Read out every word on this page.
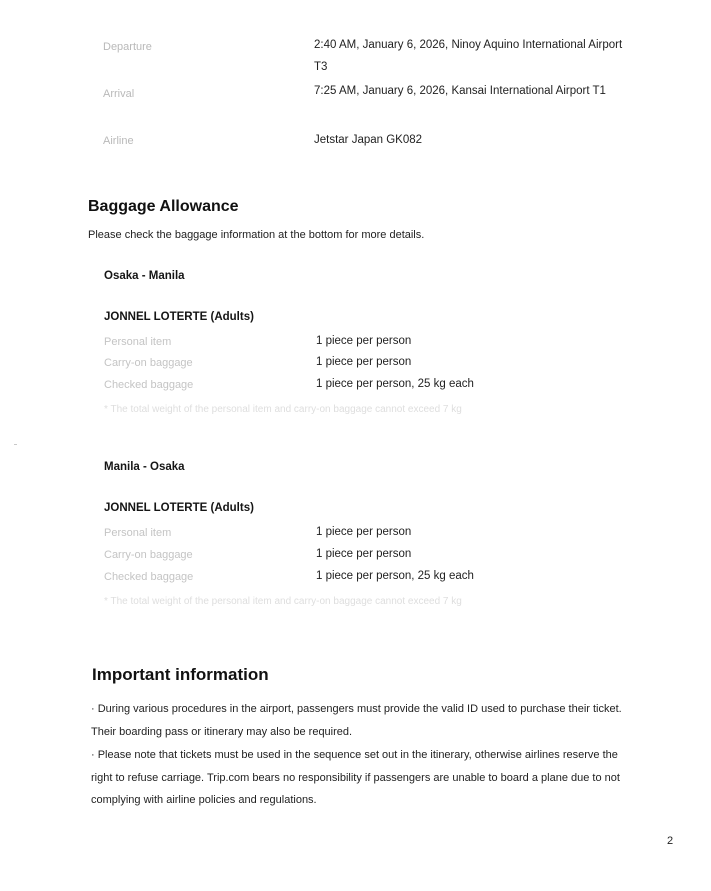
Departure	2:40 AM, January 6, 2026, Ninoy Aquino International Airport T3
Arrival	7:25 AM, January 6, 2026, Kansai International Airport T1
Airline	Jetstar Japan GK082
Baggage Allowance
Please check the baggage information at the bottom for more details.
Osaka - Manila
JONNEL LOTERTE (Adults)
Personal item	1 piece per person
Carry-on baggage	1 piece per person
Checked baggage	1 piece per person, 25 kg each
* The total weight of the personal item and carry-on baggage cannot exceed 7 kg
Manila - Osaka
JONNEL LOTERTE (Adults)
Personal item	1 piece per person
Carry-on baggage	1 piece per person
Checked baggage	1 piece per person, 25 kg each
* The total weight of the personal item and carry-on baggage cannot exceed 7 kg
Important information
· During various procedures in the airport, passengers must provide the valid ID used to purchase their ticket. Their boarding pass or itinerary may also be required.
· Please note that tickets must be used in the sequence set out in the itinerary, otherwise airlines reserve the right to refuse carriage. Trip.com bears no responsibility if passengers are unable to board a plane due to not complying with airline policies and regulations.
2
